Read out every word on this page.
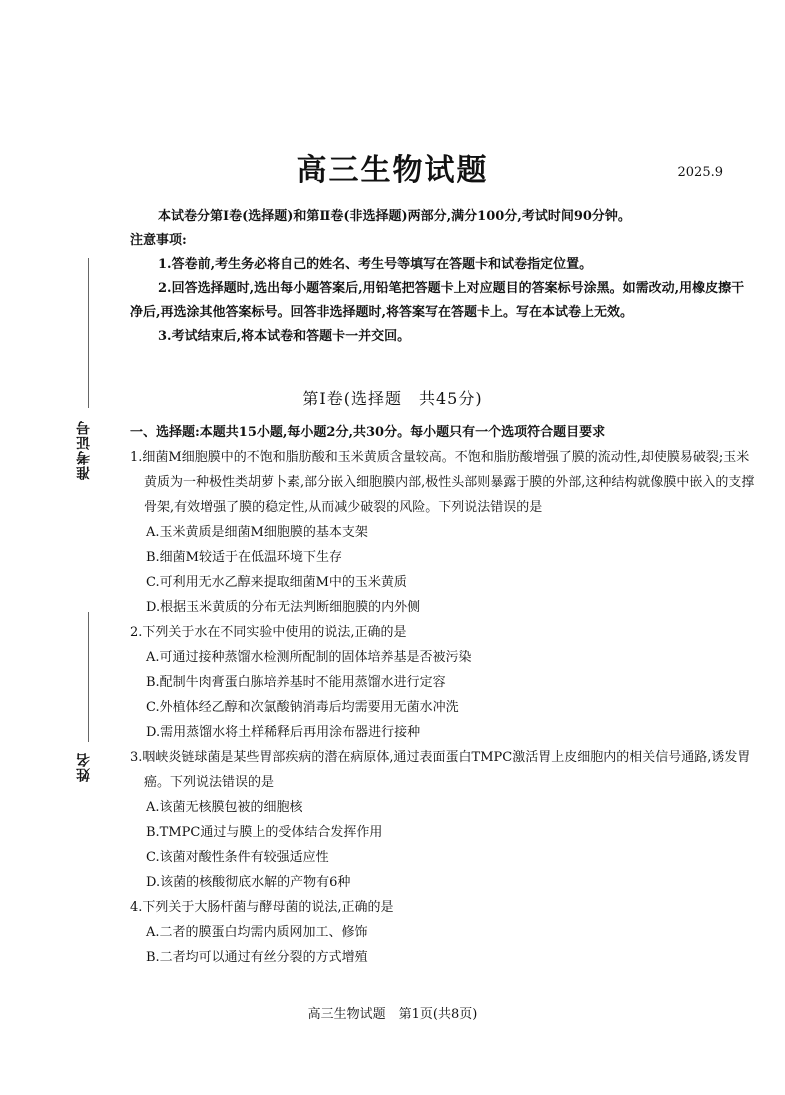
高三生物试题	2025.9
准考证号
姓名

本试卷分第Ⅰ卷(选择题)和第Ⅱ卷(非选择题)两部分,满分100分,考试时间90分钟。

注意事项:

1.答卷前,考生务必将自己的姓名、考生号等填写在答题卡和试卷指定位置。

2.回答选择题时,选出每小题答案后,用铅笔把答题卡上对应题目的答案标号涂黑。如需改动,用橡皮擦干净后,再选涂其他答案标号。回答非选择题时,将答案写在答题卡上。写在本试卷上无效。

3.考试结束后,将本试卷和答题卡一并交回。

第Ⅰ卷(选择题　共45分)

一、选择题:本题共15小题,每小题2分,共30分。每小题只有一个选项符合题目要求

1.细菌M细胞膜中的不饱和脂肪酸和玉米黄质含量较高。不饱和脂肪酸增强了膜的流动性,却使膜易破裂;玉米黄质为一种极性类胡萝卜素,部分嵌入细胞膜内部,极性头部则暴露于膜的外部,这种结构就像膜中嵌入的支撑骨架,有效增强了膜的稳定性,从而减少破裂的风险。下列说法错误的是

A.玉米黄质是细菌M细胞膜的基本支架

B.细菌M较适于在低温环境下生存

C.可利用无水乙醇来提取细菌M中的玉米黄质

D.根据玉米黄质的分布无法判断细胞膜的内外侧

2.下列关于水在不同实验中使用的说法,正确的是

A.可通过接种蒸馏水检测所配制的固体培养基是否被污染

B.配制牛肉膏蛋白胨培养基时不能用蒸馏水进行定容

C.外植体经乙醇和次氯酸钠消毒后均需要用无菌水冲洗

D.需用蒸馏水将土样稀释后再用涂布器进行接种

3.咽峡炎链球菌是某些胃部疾病的潜在病原体,通过表面蛋白TMPC激活胃上皮细胞内的相关信号通路,诱发胃癌。下列说法错误的是

A.该菌无核膜包被的细胞核

B.TMPC通过与膜上的受体结合发挥作用

C.该菌对酸性条件有较强适应性

D.该菌的核酸彻底水解的产物有6种

4.下列关于大肠杆菌与酵母菌的说法,正确的是

A.二者的膜蛋白均需内质网加工、修饰

B.二者均可以通过有丝分裂的方式增殖

高三生物试题　第1页(共8页)
